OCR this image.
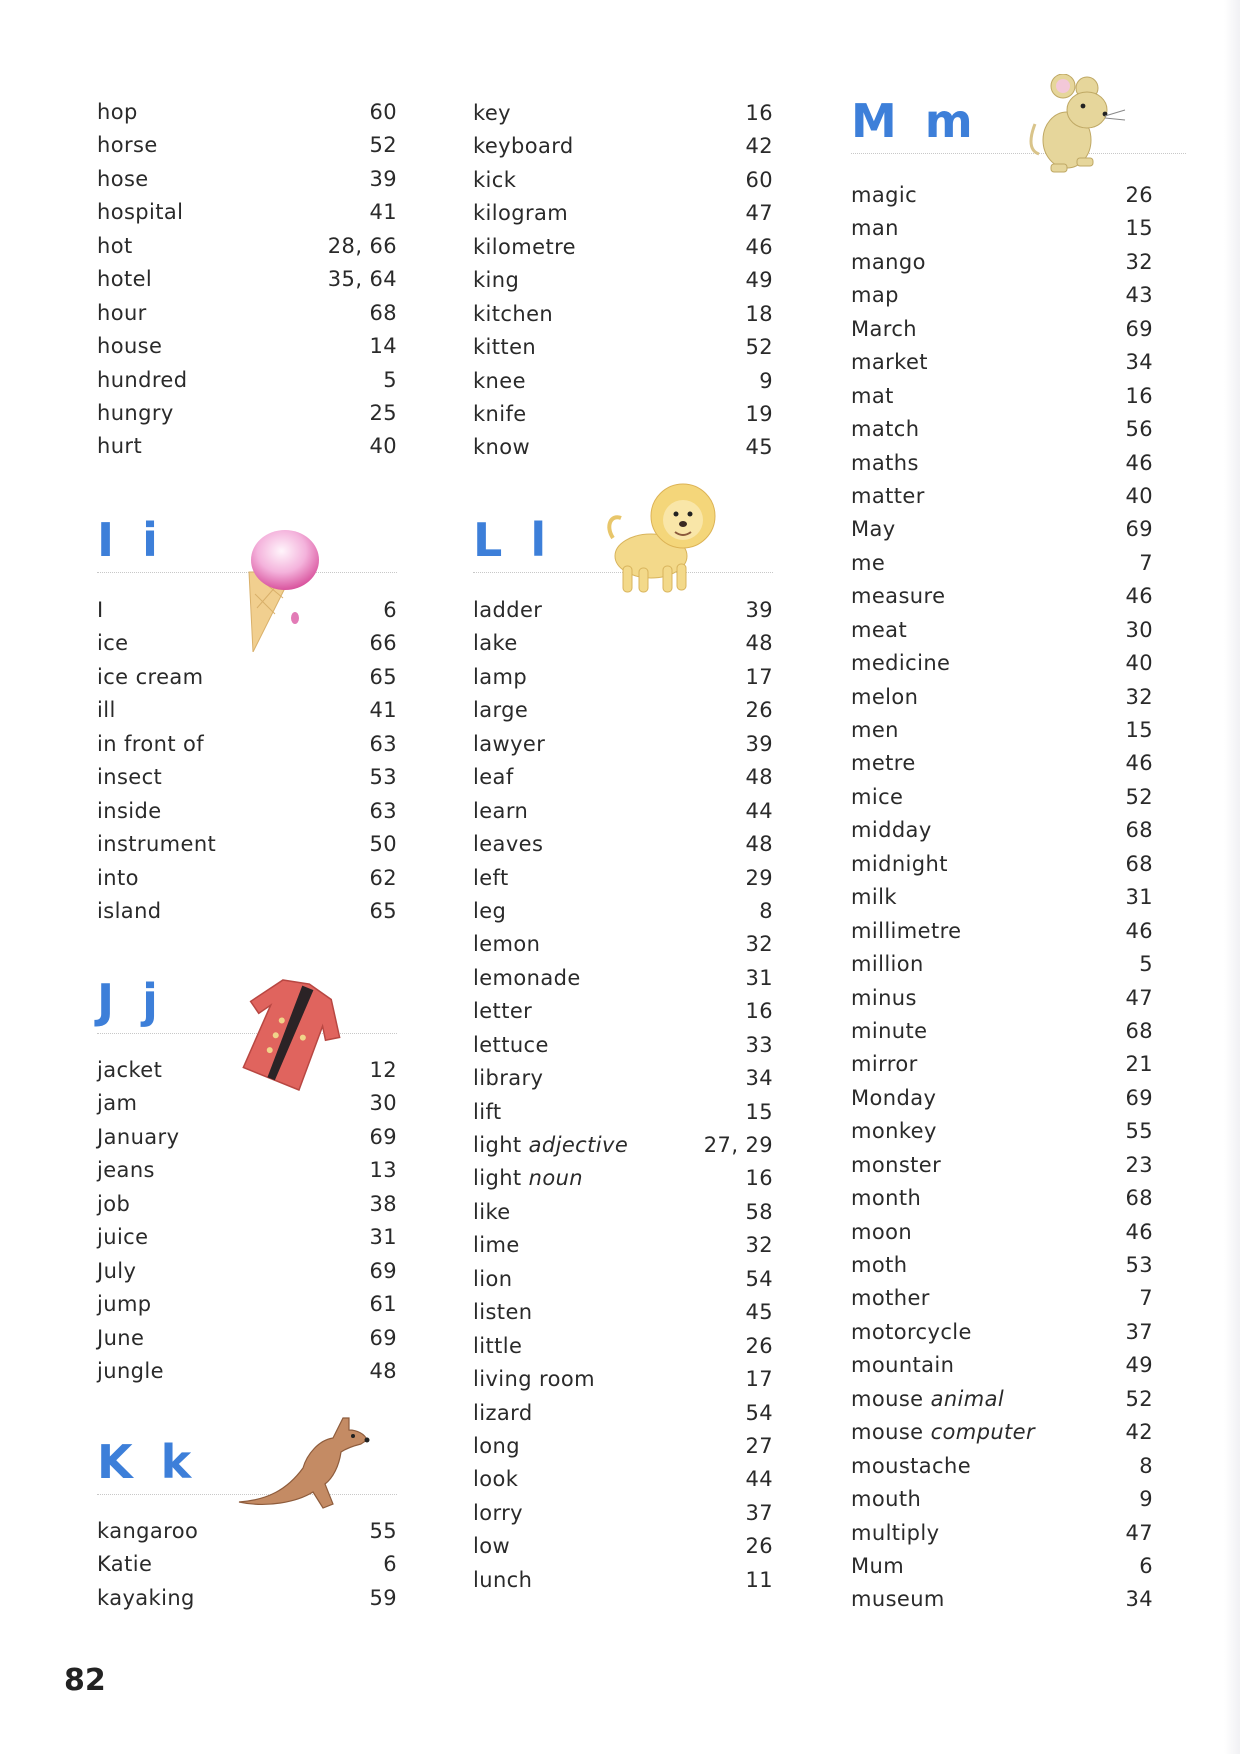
hop	60
horse	52
hose	39
hospital	41
hot	28, 66
hotel	35, 64
hour	68
house	14
hundred	5
hungry	25
hurt	40
I i
I	6
ice	66
ice cream	65
ill	41
in front of	63
insect	53
inside	63
instrument	50
into	62
island	65
J j
jacket	12
jam	30
January	69
jeans	13
job	38
juice	31
July	69
jump	61
June	69
jungle	48
K k
kangaroo	55
Katie	6
kayaking	59
key	16
keyboard	42
kick	60
kilogram	47
kilometre	46
king	49
kitchen	18
kitten	52
knee	9
knife	19
know	45
L l
ladder	39
lake	48
lamp	17
large	26
lawyer	39
leaf	48
learn	44
leaves	48
left	29
leg	8
lemon	32
lemonade	31
letter	16
lettuce	33
library	34
lift	15
light adjective	27, 29
light noun	16
like	58
lime	32
lion	54
listen	45
little	26
living room	17
lizard	54
long	27
look	44
lorry	37
low	26
lunch	11
M m
magic	26
man	15
mango	32
map	43
March	69
market	34
mat	16
match	56
maths	46
matter	40
May	69
me	7
measure	46
meat	30
medicine	40
melon	32
men	15
metre	46
mice	52
midday	68
midnight	68
milk	31
millimetre	46
million	5
minus	47
minute	68
mirror	21
Monday	69
monkey	55
monster	23
month	68
moon	46
moth	53
mother	7
motorcycle	37
mountain	49
mouse animal	52
mouse computer	42
moustache	8
mouth	9
multiply	47
Mum	6
museum	34
82
